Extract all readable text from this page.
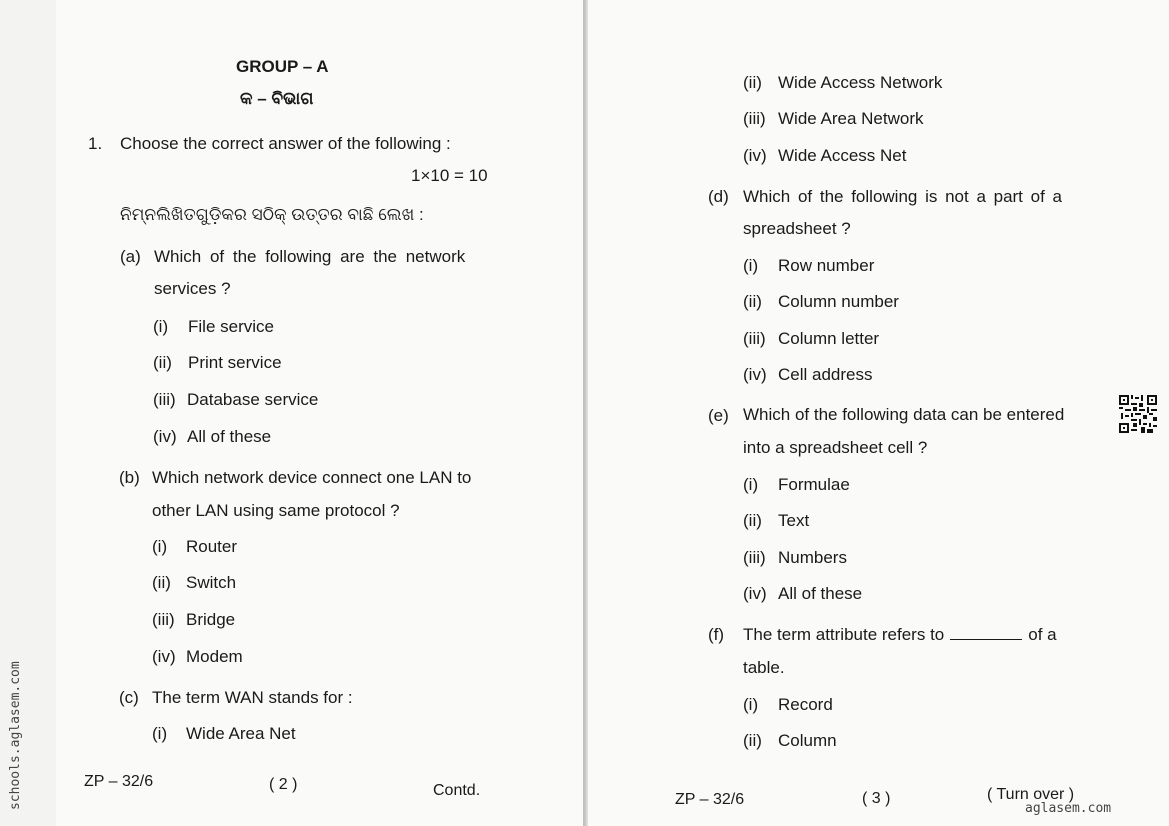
GROUP – A
କ – ବିଭାଗ
1. Choose the correct answer of the following :
1×10 = 10
ନିମ୍ନଲିଖିତଗୁଡ଼ିକର ସଠିକ୍ ଉତ୍ତର ବାଛି ଲେଖ :
(a) Which of the following are the network
services ?
(i) File service
(ii) Print service
(iii) Database service
(iv) All of these
(b) Which network device connect one LAN to
other LAN using same protocol ?
(i) Router
(ii) Switch
(iii) Bridge
(iv) Modem
(c) The term WAN stands for :
(i) Wide Area Net
ZP – 32/6	( 2 )	Contd.
(ii) Wide Access Network
(iii) Wide Area Network
(iv) Wide Access Net
(d) Which of the following is not a part of a
spreadsheet ?
(i) Row number
(ii) Column number
(iii) Column letter
(iv) Cell address
(e) Which of the following data can be entered
into a spreadsheet cell ?
(i) Formulae
(ii) Text
(iii) Numbers
(iv) All of these
(f) The term attribute refers to	of a
table.
(i) Record
(ii) Column
ZP – 32/6	( 3 )	( Turn over )
schools.aglasem.com	aglasem.com
